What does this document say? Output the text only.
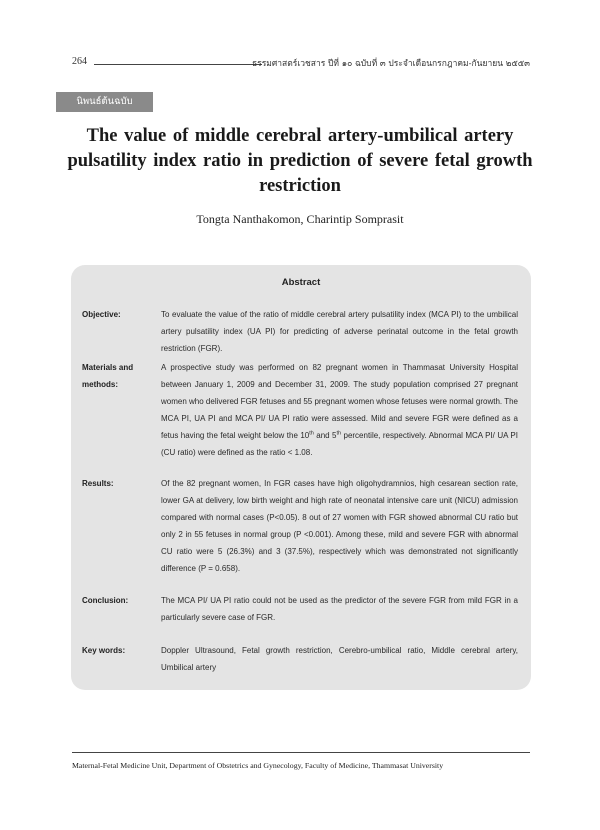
264	ธรรมศาสตร์เวชสาร ปีที่ ๑๐ ฉบับที่ ๓ ประจำเดือนกรกฎาคม-กันยายน ๒๕๕๓
นิพนธ์ต้นฉบับ
The value of middle cerebral artery-umbilical artery pulsatility index ratio in prediction of severe fetal growth restriction
Tongta Nanthakomon, Charintip Somprasit
Abstract
Objective:	To evaluate the value of the ratio of middle cerebral artery pulsatility index (MCA PI) to the umbilical artery pulsatility index (UA PI) for predicting of adverse perinatal outcome in the fetal growth restriction (FGR).
Materials and methods:
A prospective study was performed on 82 pregnant women in Thammasat University Hospital between January 1, 2009 and December 31, 2009. The study population comprised 27 pregnant women who delivered FGR fetuses and 55 pregnant women whose fetuses were normal growth. The MCA PI, UA PI and MCA PI/ UA PI ratio were assessed. Mild and severe FGR were defined as a fetus having the fetal weight below the 10th and 5th percentile, respectively. Abnormal MCA PI/ UA PI (CU ratio) were defined as the ratio < 1.08.
Results:	Of the 82 pregnant women, In FGR cases have high oligohydramnios, high cesarean section rate, lower GA at delivery, low birth weight and high rate of neonatal intensive care unit (NICU) admission compared with normal cases (P<0.05). 8 out of 27 women with FGR showed abnormal CU ratio but only 2 in 55 fetuses in normal group (P <0.001). Among these, mild and severe FGR with abnormal CU ratio were 5 (26.3%) and 3 (37.5%), respectively which was demonstrated not significantly difference (P = 0.658).
Conclusion:	The MCA PI/ UA PI ratio could not be used as the predictor of the severe FGR from mild FGR in a particularly severe case of FGR.
Key words:	Doppler Ultrasound, Fetal growth restriction, Cerebro-umbilical ratio, Middle cerebral artery, Umbilical artery
Maternal-Fetal Medicine Unit, Department of Obstetrics and Gynecology, Faculty of Medicine, Thammasat University
